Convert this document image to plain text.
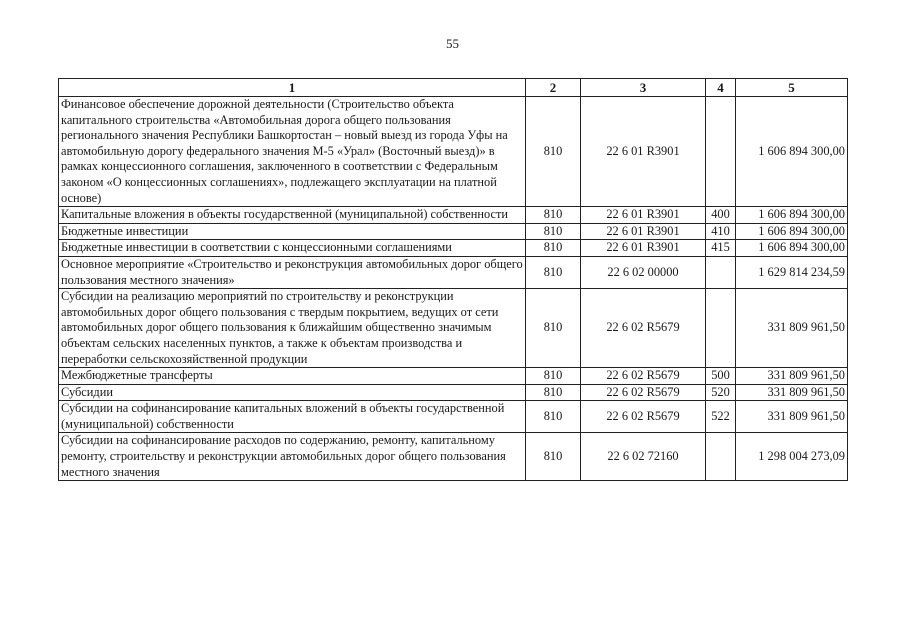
55
1	2	3	4	5
Финансовое обеспечение дорожной деятельности (Строительство объекта капитального строительства «Автомобильная дорога общего пользования регионального значения Республики Башкортостан – новый выезд из города Уфы на автомобильную дорогу федерального значения М-5 «Урал» (Восточный выезд)» в рамках концессионного соглашения, заключенного в соответствии с Федеральным законом «О концессионных соглашениях», подлежащего эксплуатации на платной основе)	810	22 6 01 R3901		1 606 894 300,00
Капитальные вложения в объекты государственной (муниципальной) собственности	810	22 6 01 R3901	400	1 606 894 300,00
Бюджетные инвестиции	810	22 6 01 R3901	410	1 606 894 300,00
Бюджетные инвестиции в соответствии с концессионными соглашениями	810	22 6 01 R3901	415	1 606 894 300,00
Основное мероприятие «Строительство и реконструкция автомобильных дорог общего пользования местного значения»	810	22 6 02 00000		1 629 814 234,59
Субсидии на реализацию мероприятий по строительству и реконструкции автомобильных дорог общего пользования с твердым покрытием, ведущих от сети автомобильных дорог общего пользования к ближайшим общественно значимым объектам сельских населенных пунктов, а также к объектам производства и переработки сельскохозяйственной продукции	810	22 6 02 R5679		331 809 961,50
Межбюджетные трансферты	810	22 6 02 R5679	500	331 809 961,50
Субсидии	810	22 6 02 R5679	520	331 809 961,50
Субсидии на софинансирование капитальных вложений в объекты государственной (муниципальной) собственности	810	22 6 02 R5679	522	331 809 961,50
Субсидии на софинансирование расходов по содержанию, ремонту, капитальному ремонту, строительству и реконструкции автомобильных дорог общего пользования местного значения	810	22 6 02 72160		1 298 004 273,09
